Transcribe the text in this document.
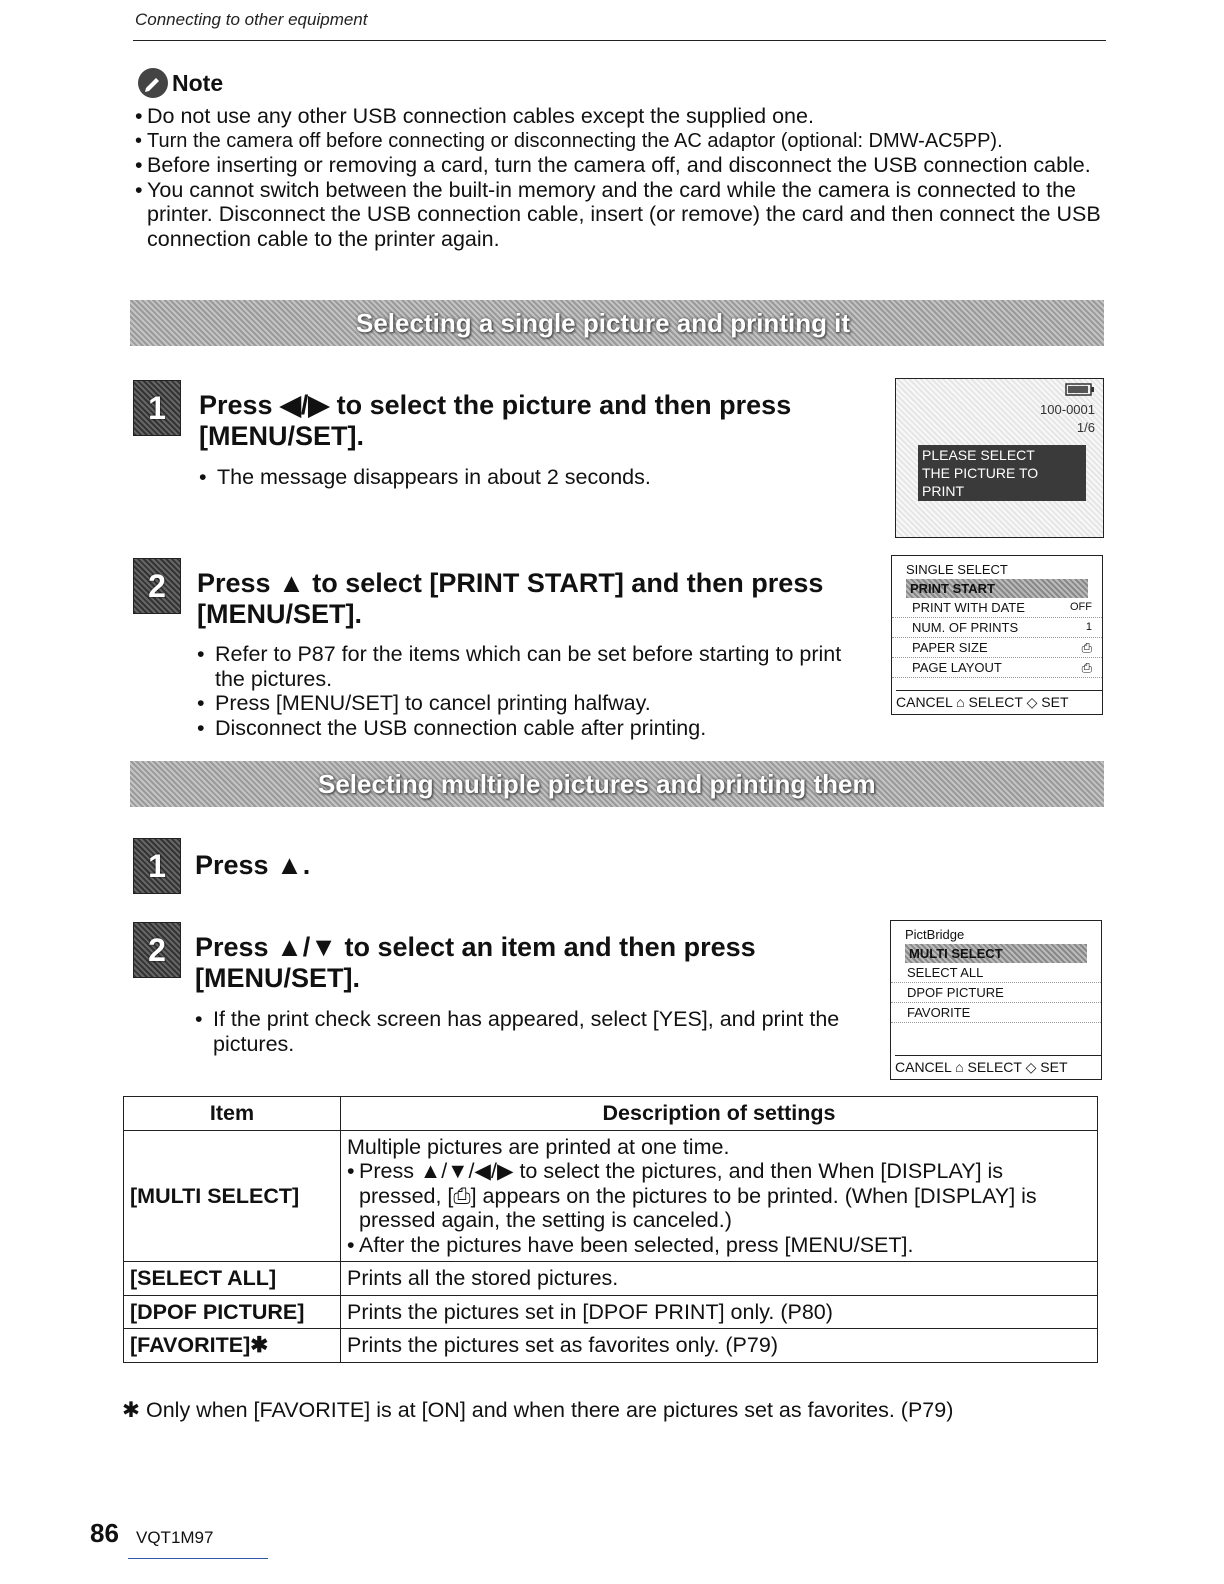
Connecting to other equipment
Note
• Do not use any other USB connection cables except the supplied one.
• Turn the camera off before connecting or disconnecting the AC adaptor (optional: DMW-AC5PP).
• Before inserting or removing a card, turn the camera off, and disconnect the USB connection cable.
• You cannot switch between the built-in memory and the card while the camera is connected to the printer. Disconnect the USB connection cable, insert (or remove) the card and then connect the USB connection cable to the printer again.
Selecting a single picture and printing it
1 Press ◀/▶ to select the picture and then press [MENU/SET].
• The message disappears in about 2 seconds.
100-0001
1/6
PLEASE SELECT
THE PICTURE TO PRINT
2 Press ▲ to select [PRINT START] and then press [MENU/SET].
• Refer to P87 for the items which can be set before starting to print the pictures.
• Press [MENU/SET] to cancel printing halfway.
• Disconnect the USB connection cable after printing.
SINGLE SELECT
PRINT START
PRINT WITH DATE	OFF
NUM. OF PRINTS	1
PAPER SIZE	⎙
PAGE LAYOUT	⎙
CANCEL ⌂ SELECT ◇ SET
Selecting multiple pictures and printing them
1 Press ▲.
2 Press ▲/▼ to select an item and then press [MENU/SET].
• If the print check screen has appeared, select [YES], and print the pictures.
PictBridge
MULTI SELECT
SELECT ALL
DPOF PICTURE
FAVORITE
CANCEL ⌂ SELECT ◇ SET
Item	Description of settings
[MULTI SELECT]	Multiple pictures are printed at one time.
• Press ▲/▼/◀/▶ to select the pictures, and then When [DISPLAY] is pressed, [⎙] appears on the pictures to be printed. (When [DISPLAY] is pressed again, the setting is canceled.)
• After the pictures have been selected, press [MENU/SET].

[SELECT ALL]	Prints all the stored pictures.
[DPOF PICTURE]	Prints the pictures set in [DPOF PRINT] only. (P80)
[FAVORITE]✱	Prints the pictures set as favorites only. (P79)
✱ Only when [FAVORITE] is at [ON] and when there are pictures set as favorites. (P79)
86 VQT1M97
